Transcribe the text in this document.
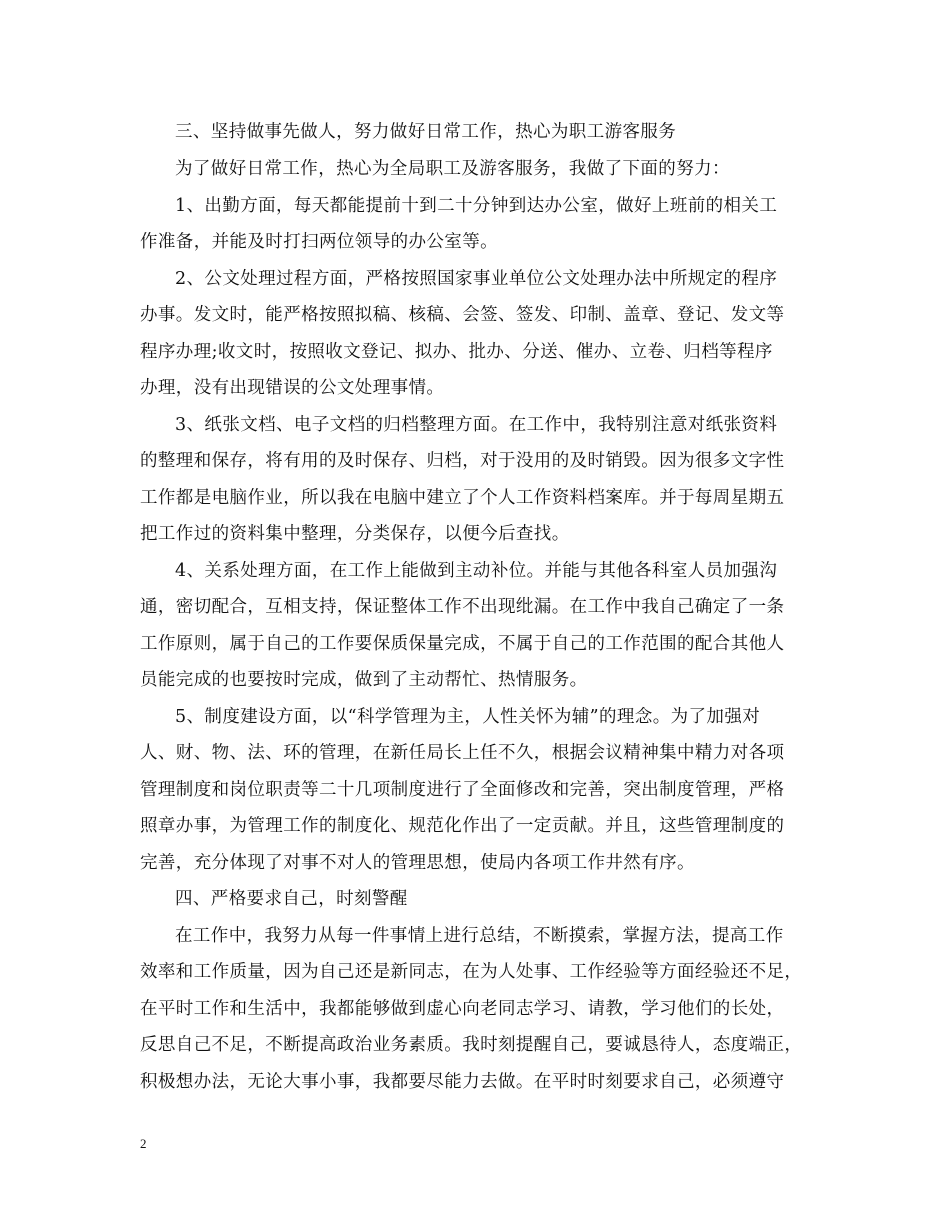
三、坚持做事先做人，努力做好日常工作，热心为职工游客服务
为了做好日常工作，热心为全局职工及游客服务，我做了下面的努力：
1、出勤方面，每天都能提前十到二十分钟到达办公室，做好上班前的相关工
作准备，并能及时打扫两位领导的办公室等。
2、公文处理过程方面，严格按照国家事业单位公文处理办法中所规定的程序
办事。发文时，能严格按照拟稿、核稿、会签、签发、印制、盖章、登记、发文等
程序办理;收文时，按照收文登记、拟办、批办、分送、催办、立卷、归档等程序
办理，没有出现错误的公文处理事情。
3、纸张文档、电子文档的归档整理方面。在工作中，我特别注意对纸张资料
的整理和保存，将有用的及时保存、归档，对于没用的及时销毁。因为很多文字性
工作都是电脑作业，所以我在电脑中建立了个人工作资料档案库。并于每周星期五
把工作过的资料集中整理，分类保存，以便今后查找。
4、关系处理方面，在工作上能做到主动补位。并能与其他各科室人员加强沟
通，密切配合，互相支持，保证整体工作不出现纰漏。在工作中我自己确定了一条
工作原则，属于自己的工作要保质保量完成，不属于自己的工作范围的配合其他人
员能完成的也要按时完成，做到了主动帮忙、热情服务。
5、制度建设方面，以“科学管理为主，人性关怀为辅”的理念。为了加强对
人、财、物、法、环的管理，在新任局长上任不久，根据会议精神集中精力对各项
管理制度和岗位职责等二十几项制度进行了全面修改和完善，突出制度管理，严格
照章办事，为管理工作的制度化、规范化作出了一定贡献。并且，这些管理制度的
完善，充分体现了对事不对人的管理思想，使局内各项工作井然有序。
四、严格要求自己，时刻警醒
在工作中，我努力从每一件事情上进行总结，不断摸索，掌握方法，提高工作
效率和工作质量，因为自己还是新同志，在为人处事、工作经验等方面经验还不足，
在平时工作和生活中，我都能够做到虚心向老同志学习、请教，学习他们的长处，
反思自己不足，不断提高政治业务素质。我时刻提醒自己，要诚恳待人，态度端正，
积极想办法，无论大事小事，我都要尽能力去做。在平时时刻要求自己，必须遵守
2
